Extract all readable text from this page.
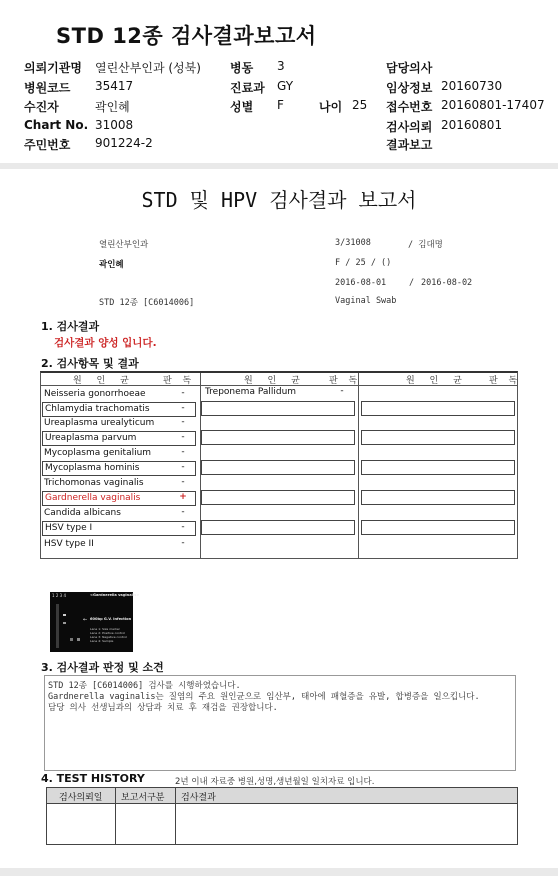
STD 12종 검사결과보고서
의뢰기관명 열린산부인과 (성북) 병동 3	담당의사
병원코드 35417	진료과 GY	임상정보 20160730
수진자	곽인혜	성별 F	나이 25 접수번호 20160801-17407
Chart No. 31008	검사의뢰 20160801
주민번호 901224-2	결과보고
STD 및 HPV 검사결과 보고서
열린산부인과
곽인혜
3/31008	/ 김대명
F / 25 / ()
2016-08-01	/ 2016-08-02
STD 12종 [C6014006]	Vaginal Swab
1. 검사결과
검사결과 양성 입니다.
2. 검사항목 및 결과
원 인 균	판 독	원 인 균	판 독	원 인 균 판 독
Neisseria gonorrhoeae	-
Chlamydia trachomatis	-
Ureaplasma urealyticum	-
Ureaplasma parvum	-
Mycoplasma genitalium	-
Mycoplasma hominis	-
Trichomonas vaginalis	-
Gardnerella vaginalis	+
Candida albicans	-
HSV type I	-
HSV type II	-
Treponema Pallidum	-
1 2 3 4
←
<Gardnerella vaginalis>
600bp G.V. Infection
Lane 1: Size marker
Lane 2: Positive control
Lane 3: Negative control
Lane 4: Sample
3. 검사결과 판정 및 소견
STD 12종 [C6014006] 검사를 시행하였습니다.
Gardnerella vaginalis는 질염의 주요 원인균으로 임산부, 태아에 패혈증을 유발, 합병증을 일으킵니다.
담당 의사 선생님과의 상담과 치료 후 재검을 권장합니다.
4. TEST HISTORY	2년 이내 자료중 병원,성명,생년월일 일치자료 입니다.
검사의뢰일 보고서구분 검사결과
